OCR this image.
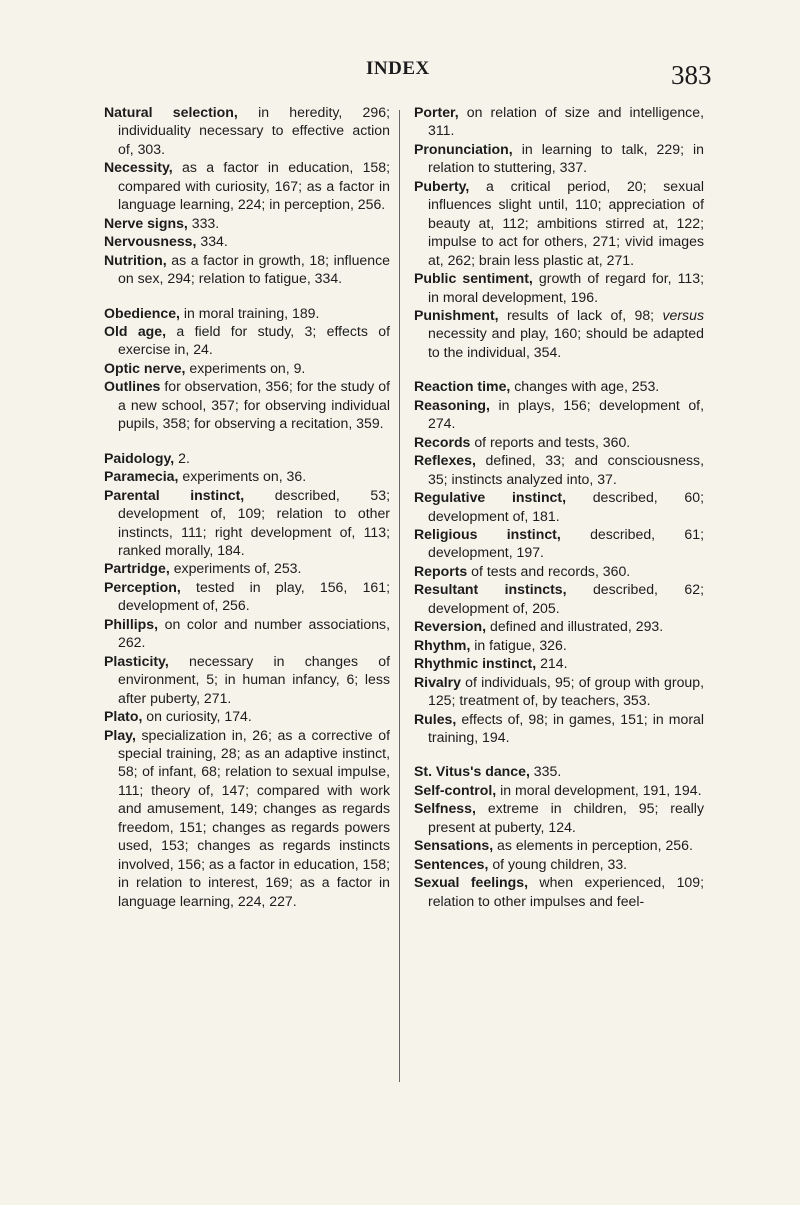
INDEX	383

Natural selection, in heredity, 296; individuality necessary to effective action of, 303.

Necessity, as a factor in education, 158; compared with curiosity, 167; as a factor in language learning, 224; in perception, 256.

Nerve signs, 333.

Nervousness, 334.

Nutrition, as a factor in growth, 18; influence on sex, 294; relation to fatigue, 334.

Obedience, in moral training, 189.

Old age, a field for study, 3; effects of exercise in, 24.

Optic nerve, experiments on, 9.

Outlines for observation, 356; for the study of a new school, 357; for observing individual pupils, 358; for observing a recitation, 359.

Paidology, 2.

Paramecia, experiments on, 36.

Parental instinct, described, 53; development of, 109; relation to other instincts, 111; right development of, 113; ranked morally, 184.

Partridge, experiments of, 253.

Perception, tested in play, 156, 161; development of, 256.

Phillips, on color and number associations, 262.

Plasticity, necessary in changes of environment, 5; in human infancy, 6; less after puberty, 271.

Plato, on curiosity, 174.

Play, specialization in, 26; as a corrective of special training, 28; as an adaptive instinct, 58; of infant, 68; relation to sexual impulse, 111; theory of, 147; compared with work and amusement, 149; changes as regards freedom, 151; changes as regards powers used, 153; changes as regards instincts involved, 156; as a factor in education, 158; in relation to interest, 169; as a factor in language learning, 224, 227.

Porter, on relation of size and intelligence, 311.

Pronunciation, in learning to talk, 229; in relation to stuttering, 337.

Puberty, a critical period, 20; sexual influences slight until, 110; appreciation of beauty at, 112; ambitions stirred at, 122; impulse to act for others, 271; vivid images at, 262; brain less plastic at, 271.

Public sentiment, growth of regard for, 113; in moral development, 196.

Punishment, results of lack of, 98; versus necessity and play, 160; should be adapted to the individual, 354.

Reaction time, changes with age, 253.

Reasoning, in plays, 156; development of, 274.

Records of reports and tests, 360.

Reflexes, defined, 33; and consciousness, 35; instincts analyzed into, 37.

Regulative instinct, described, 60; development of, 181.

Religious instinct, described, 61; development, 197.

Reports of tests and records, 360.

Resultant instincts, described, 62; development of, 205.

Reversion, defined and illustrated, 293.

Rhythm, in fatigue, 326.

Rhythmic instinct, 214.

Rivalry of individuals, 95; of group with group, 125; treatment of, by teachers, 353.

Rules, effects of, 98; in games, 151; in moral training, 194.

St. Vitus's dance, 335.

Self-control, in moral development, 191, 194.

Selfness, extreme in children, 95; really present at puberty, 124.

Sensations, as elements in perception, 256.

Sentences, of young children, 33.

Sexual feelings, when experienced, 109; relation to other impulses and feel-
